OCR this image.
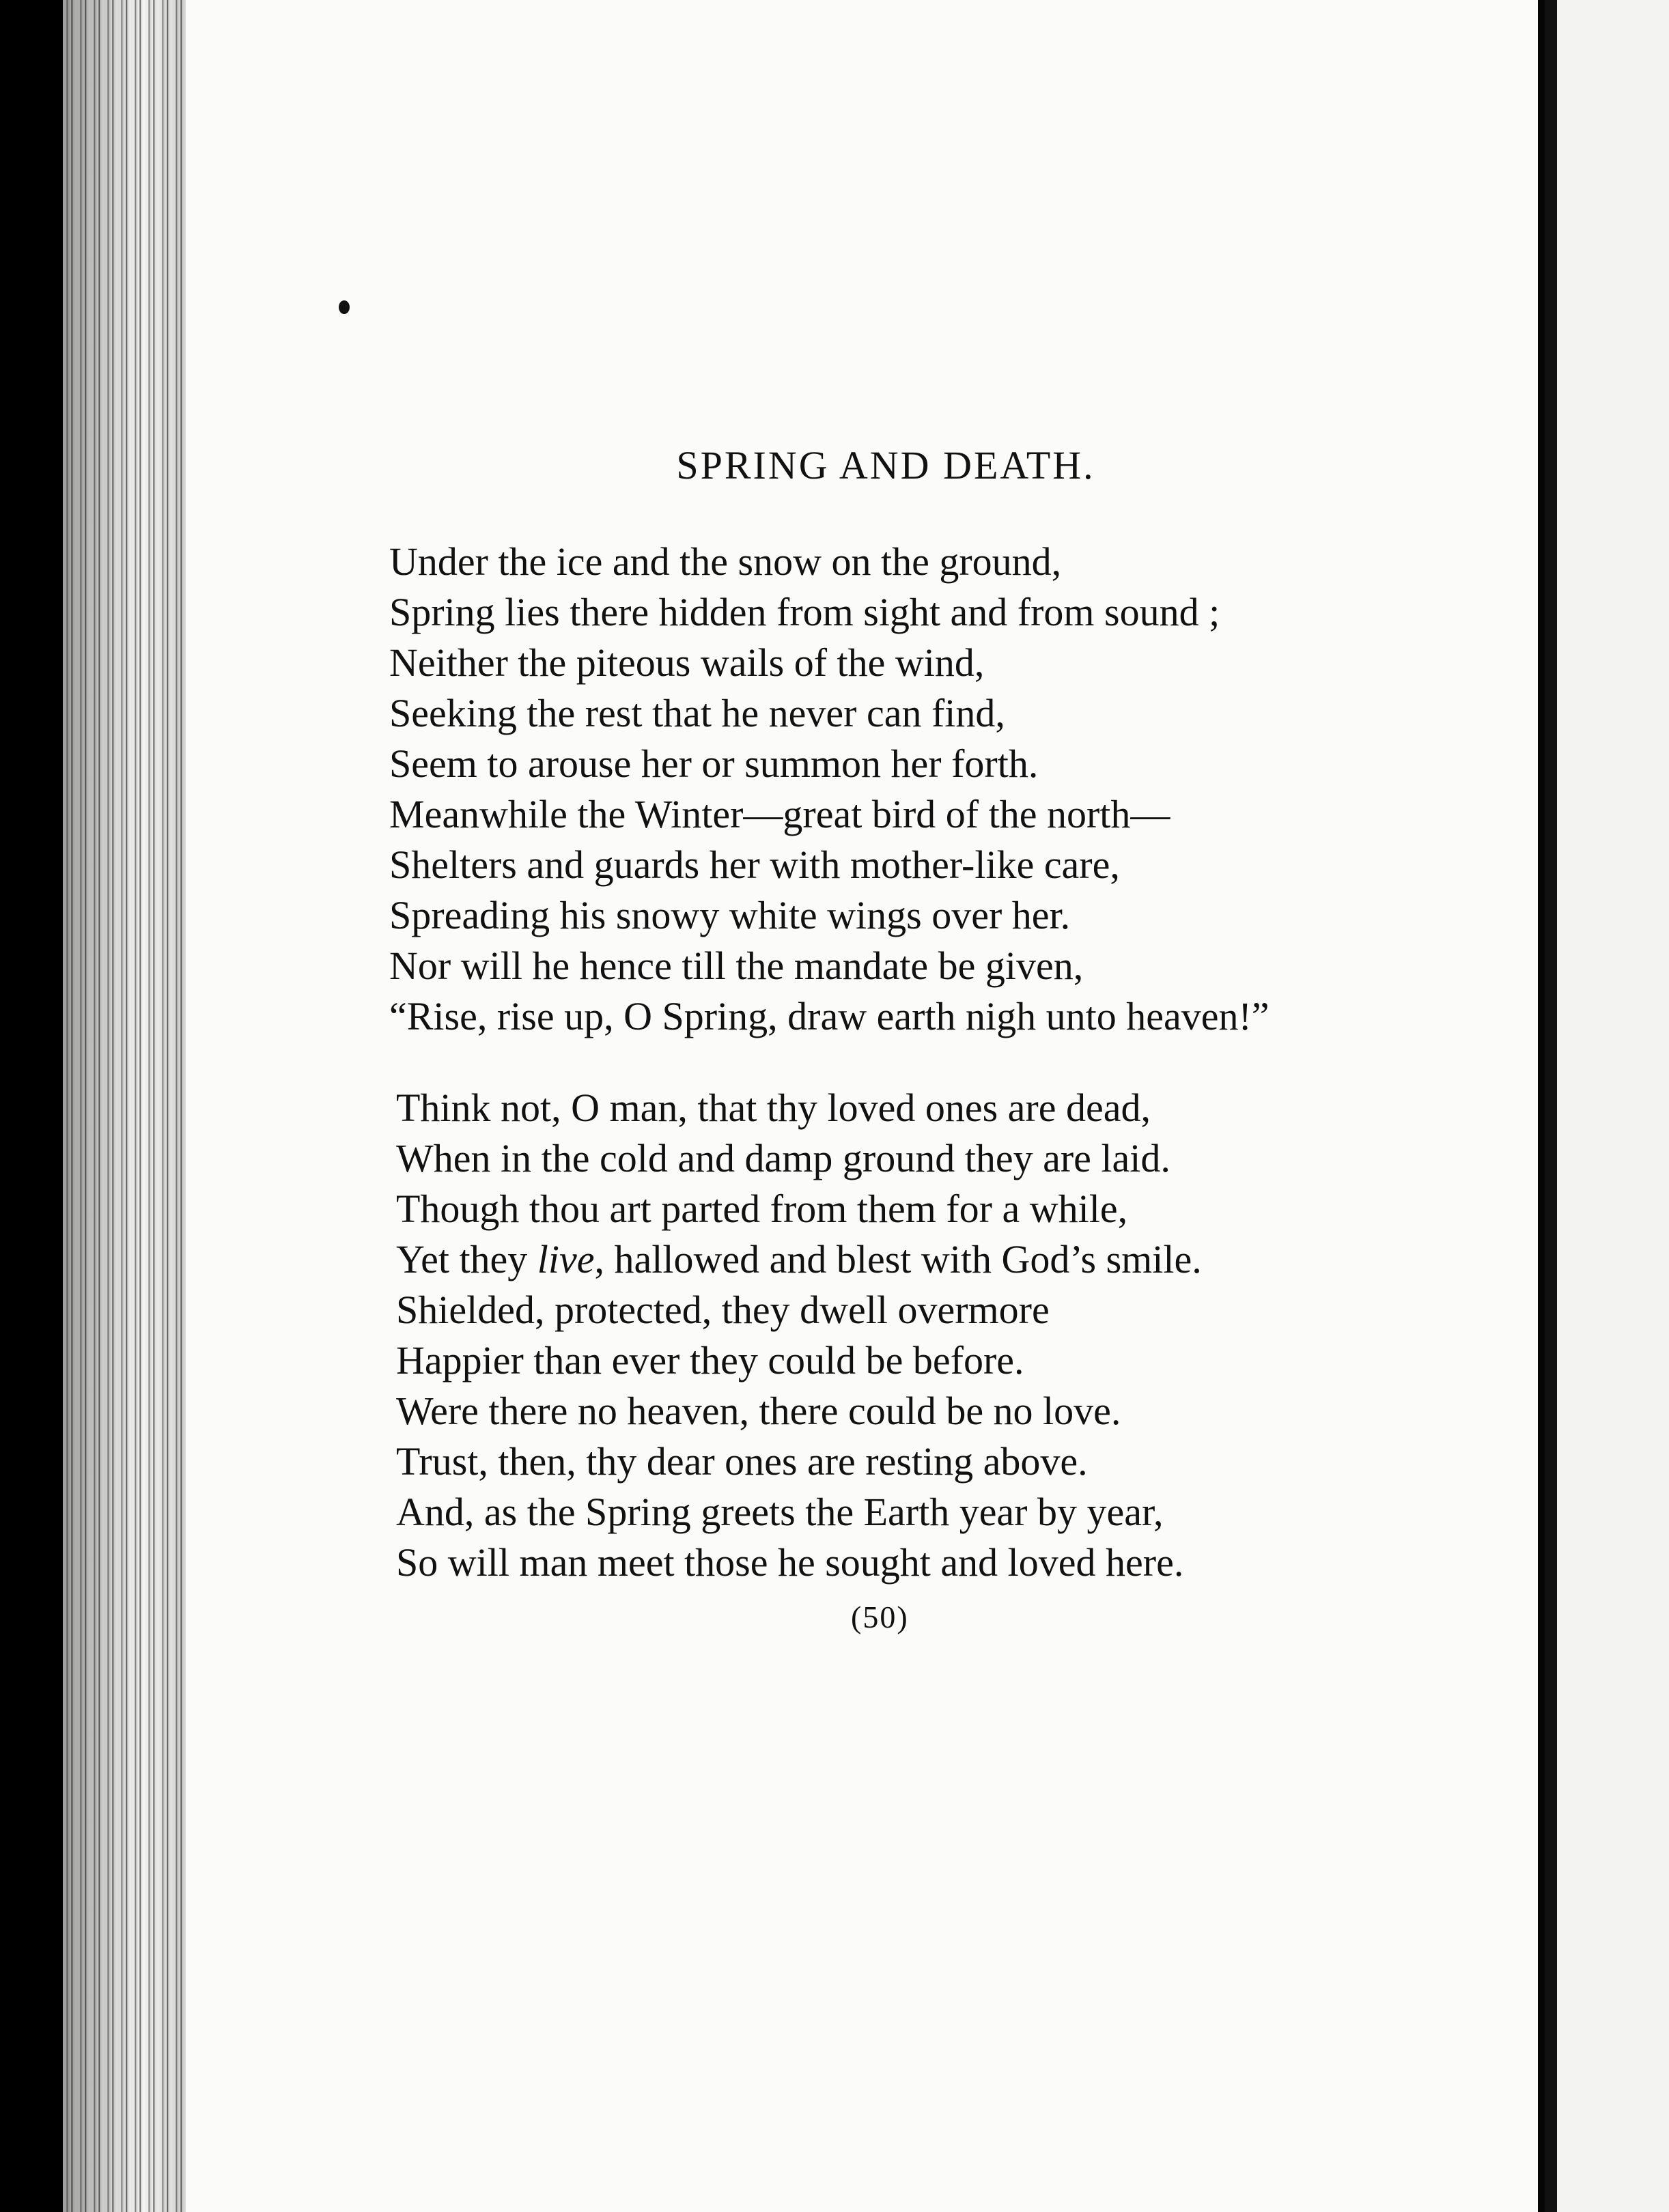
SPRING AND DEATH.
Under the ice and the snow on the ground,
Spring lies there hidden from sight and from sound ;
Neither the piteous wails of the wind,
Seeking the rest that he never can find,
Seem to arouse her or summon her forth.
Meanwhile the Winter—great bird of the north—
Shelters and guards her with mother-like care,
Spreading his snowy white wings over her.
Nor will he hence till the mandate be given,
“Rise, rise up, O Spring, draw earth nigh unto heaven!”
Think not, O man, that thy loved ones are dead,
When in the cold and damp ground they are laid.
Though thou art parted from them for a while,
Yet they live, hallowed and blest with God’s smile.
Shielded, protected, they dwell overmore
Happier than ever they could be before.
Were there no heaven, there could be no love.
Trust, then, thy dear ones are resting above.
And, as the Spring greets the Earth year by year,
So will man meet those he sought and loved here.
(50)
